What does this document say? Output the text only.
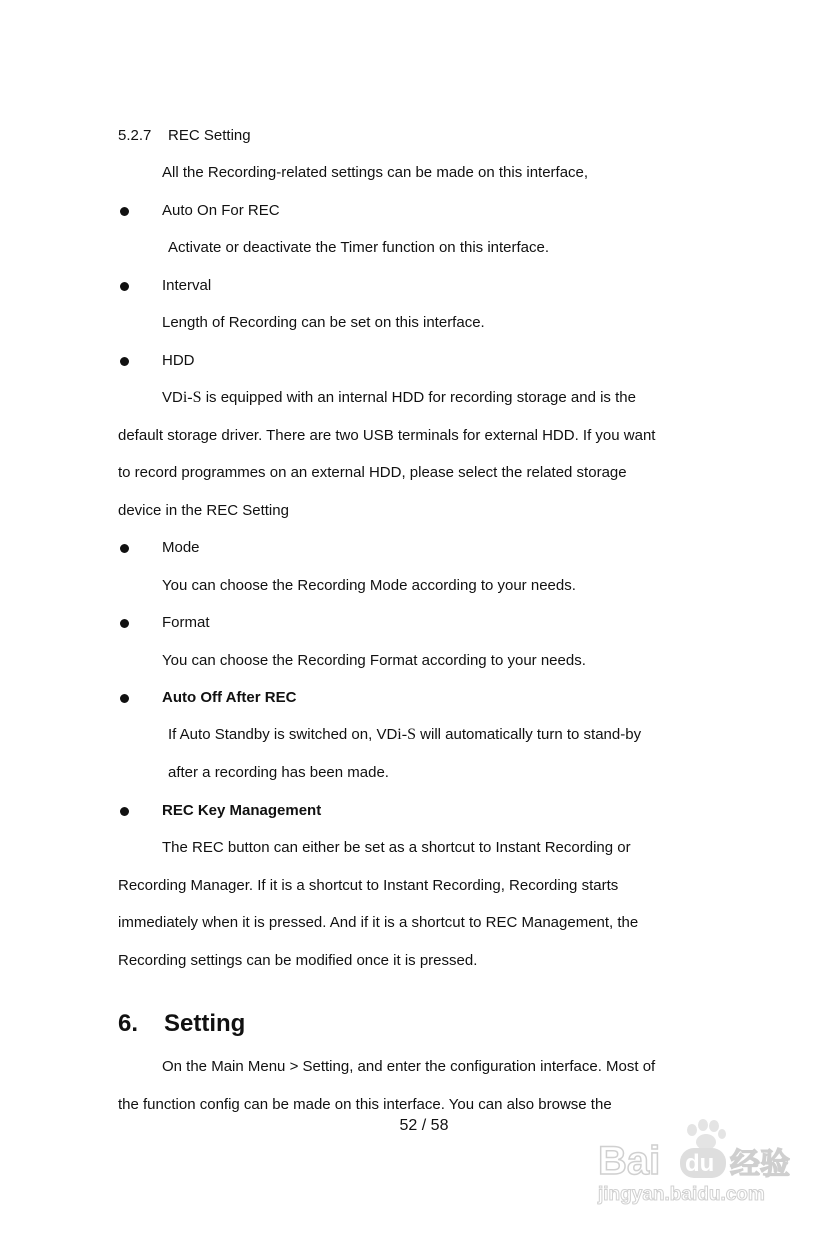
5.2.7 REC Setting
All the Recording-related settings can be made on this interface,
Auto On For REC
Activate or deactivate the Timer function on this interface.
Interval
Length of Recording can be set on this interface.
HDD
VDi-S is equipped with an internal HDD for recording storage and is the
default storage driver. There are two USB terminals for external HDD. If you want
to record programmes on an external HDD, please select the related storage
device in the REC Setting
Mode
You can choose the Recording Mode according to your needs.
Format
You can choose the Recording Format according to your needs.
Auto Off After REC
If Auto Standby is switched on, VDi-S will automatically turn to stand-by
after a recording has been made.
REC Key Management
The REC button can either be set as a shortcut to Instant Recording or
Recording Manager. If it is a shortcut to Instant Recording, Recording starts
immediately when it is pressed. And if it is a shortcut to REC Management, the
Recording settings can be modified once it is pressed.
6. Setting
On the Main Menu > Setting, and enter the configuration interface. Most of
the function config can be made on this interface. You can also browse the
52 / 58
Bai du 经验
jingyan.baidu.com
